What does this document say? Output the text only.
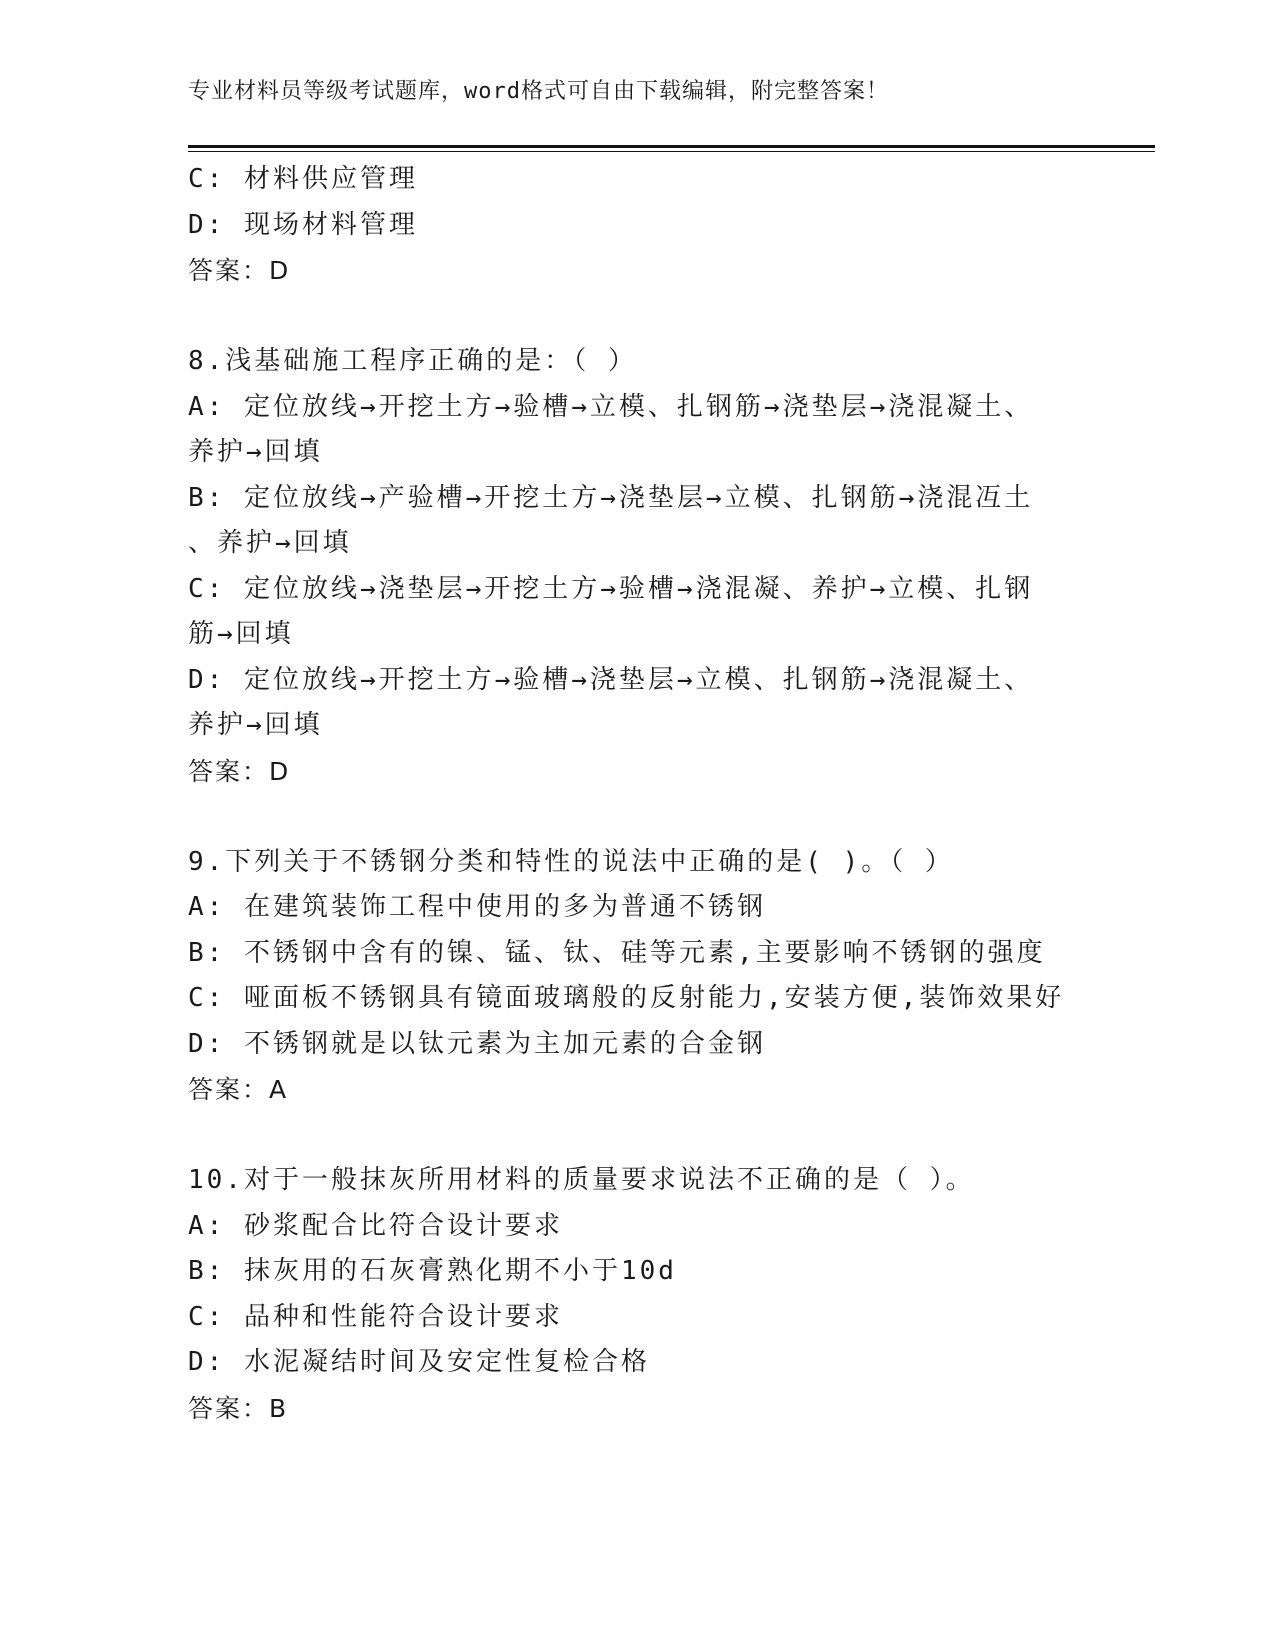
专业材料员等级考试题库，word格式可自由下载编辑，附完整答案！
C: 材料供应管理
D: 现场材料管理
答案：D
8.浅基础施工程序正确的是：（ ）
A: 定位放线→开挖土方→验槽→立模、扎钢筋→浇垫层→浇混凝土、
养护→回填
B: 定位放线→产验槽→开挖土方→浇垫层→立模、扎钢筋→浇混冱土
、养护→回填
C: 定位放线→浇垫层→开挖土方→验槽→浇混凝、养护→立模、扎钢
筋→回填
D: 定位放线→开挖土方→验槽→浇垫层→立模、扎钢筋→浇混凝土、
养护→回填
答案：D
9.下列关于不锈钢分类和特性的说法中正确的是( )。（ ）
A: 在建筑装饰工程中使用的多为普通不锈钢
B: 不锈钢中含有的镍、锰、钛、硅等元素,主要影响不锈钢的强度
C: 哑面板不锈钢具有镜面玻璃般的反射能力,安装方便,装饰效果好
D: 不锈钢就是以钛元素为主加元素的合金钢
答案：A
10.对于一般抹灰所用材料的质量要求说法不正确的是（ ）。
A: 砂浆配合比符合设计要求
B: 抹灰用的石灰膏熟化期不小于10d
C: 品种和性能符合设计要求
D: 水泥凝结时间及安定性复检合格
答案：B
